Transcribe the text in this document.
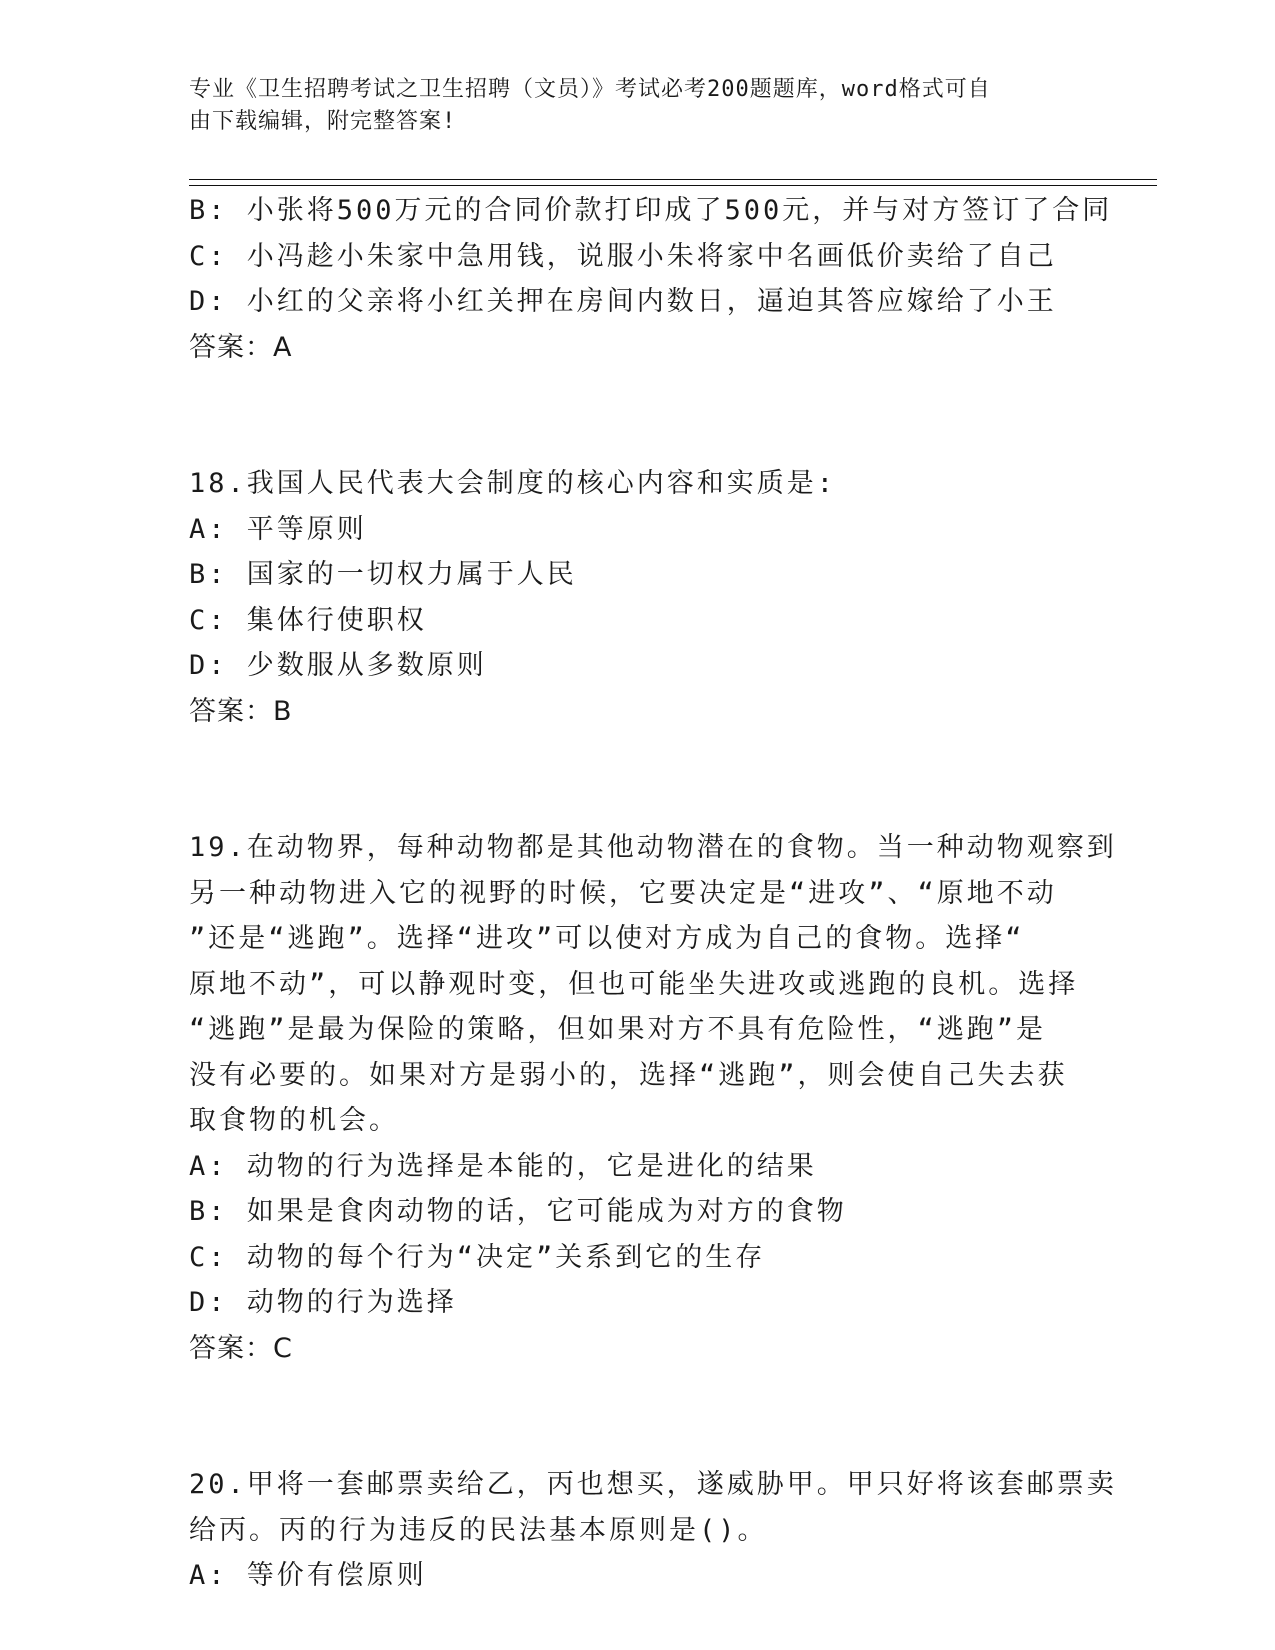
专业《卫生招聘考试之卫生招聘（文员）》考试必考200题题库，word格式可自
由下载编辑，附完整答案!
B: 小张将500万元的合同价款打印成了500元，并与对方签订了合同
C: 小冯趁小朱家中急用钱，说服小朱将家中名画低价卖给了自己
D: 小红的父亲将小红关押在房间内数日，逼迫其答应嫁给了小王
答案：A
18.我国人民代表大会制度的核心内容和实质是:
A: 平等原则
B: 国家的一切权力属于人民
C: 集体行使职权
D: 少数服从多数原则
答案：B
19.在动物界，每种动物都是其他动物潜在的食物。当一种动物观察到
另一种动物进入它的视野的时候，它要决定是“进攻”、“原地不动
”还是“逃跑”。选择“进攻”可以使对方成为自己的食物。选择“
原地不动”，可以静观时变，但也可能坐失进攻或逃跑的良机。选择
“逃跑”是最为保险的策略，但如果对方不具有危险性，“逃跑”是
没有必要的。如果对方是弱小的，选择“逃跑”，则会使自己失去获
取食物的机会。
A: 动物的行为选择是本能的，它是进化的结果
B: 如果是食肉动物的话，它可能成为对方的食物
C: 动物的每个行为“决定”关系到它的生存
D: 动物的行为选择
答案：C
20.甲将一套邮票卖给乙，丙也想买，遂威胁甲。甲只好将该套邮票卖
给丙。丙的行为违反的民法基本原则是()。
A: 等价有偿原则
